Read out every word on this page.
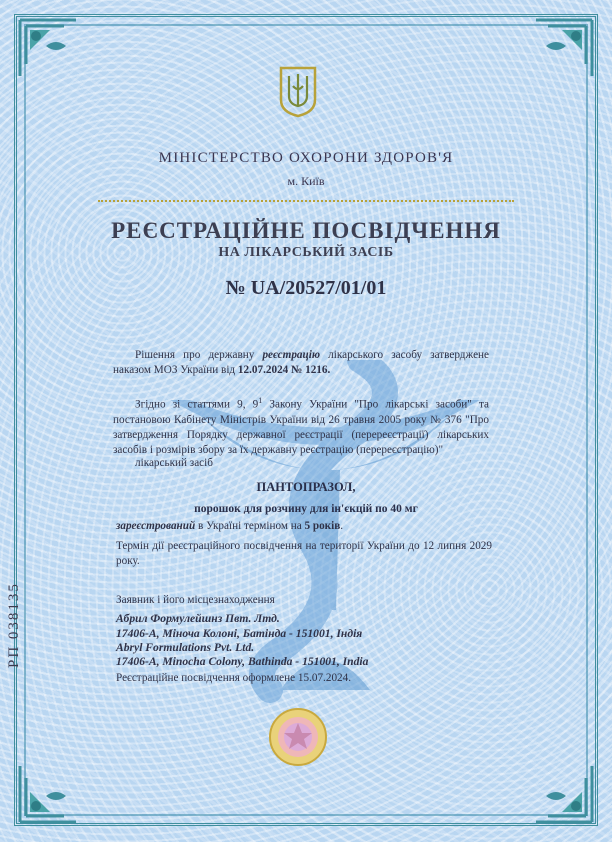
МІНІСТЕРСТВО ОХОРОНИ ЗДОРОВ'Я
м. Київ
РЕЄСТРАЦІЙНЕ ПОСВІДЧЕННЯ
НА ЛІКАРСЬКИЙ ЗАСІБ
№ UA/20527/01/01
Рішення про державну реєстрацію лікарського засобу затверджене наказом МОЗ України від 12.07.2024 № 1216.
Згідно зі статтями 9, $9^1$ Закону України "Про лікарські засоби" та постановою Кабінету Міністрів України від 26 травня 2005 року № 376 "Про затвердження Порядку державної реєстрації (перереєстрації) лікарських засобів і розмірів збору за їх державну реєстрацію (перереєстрацію)"
лікарський засіб
ПАНТОПРАЗОЛ,
порошок для розчину для ін'єкцій по 40 мг
зареєстрований в Україні терміном на 5 років.
Термін дії реєстраційного посвідчення на території України до 12 липня 2029 року.
Заявник і його місцезнаходження
Абрил Формулейшнз Пвт. Лтд.
17406-А, Міноча Колоні, Батінда - 151001, Індія
Abryl Formulations Pvt. Ltd.
17406-A, Minocha Colony, Bathinda - 151001, India
Реєстраційне посвідчення оформлене 15.07.2024.
РП 038135
